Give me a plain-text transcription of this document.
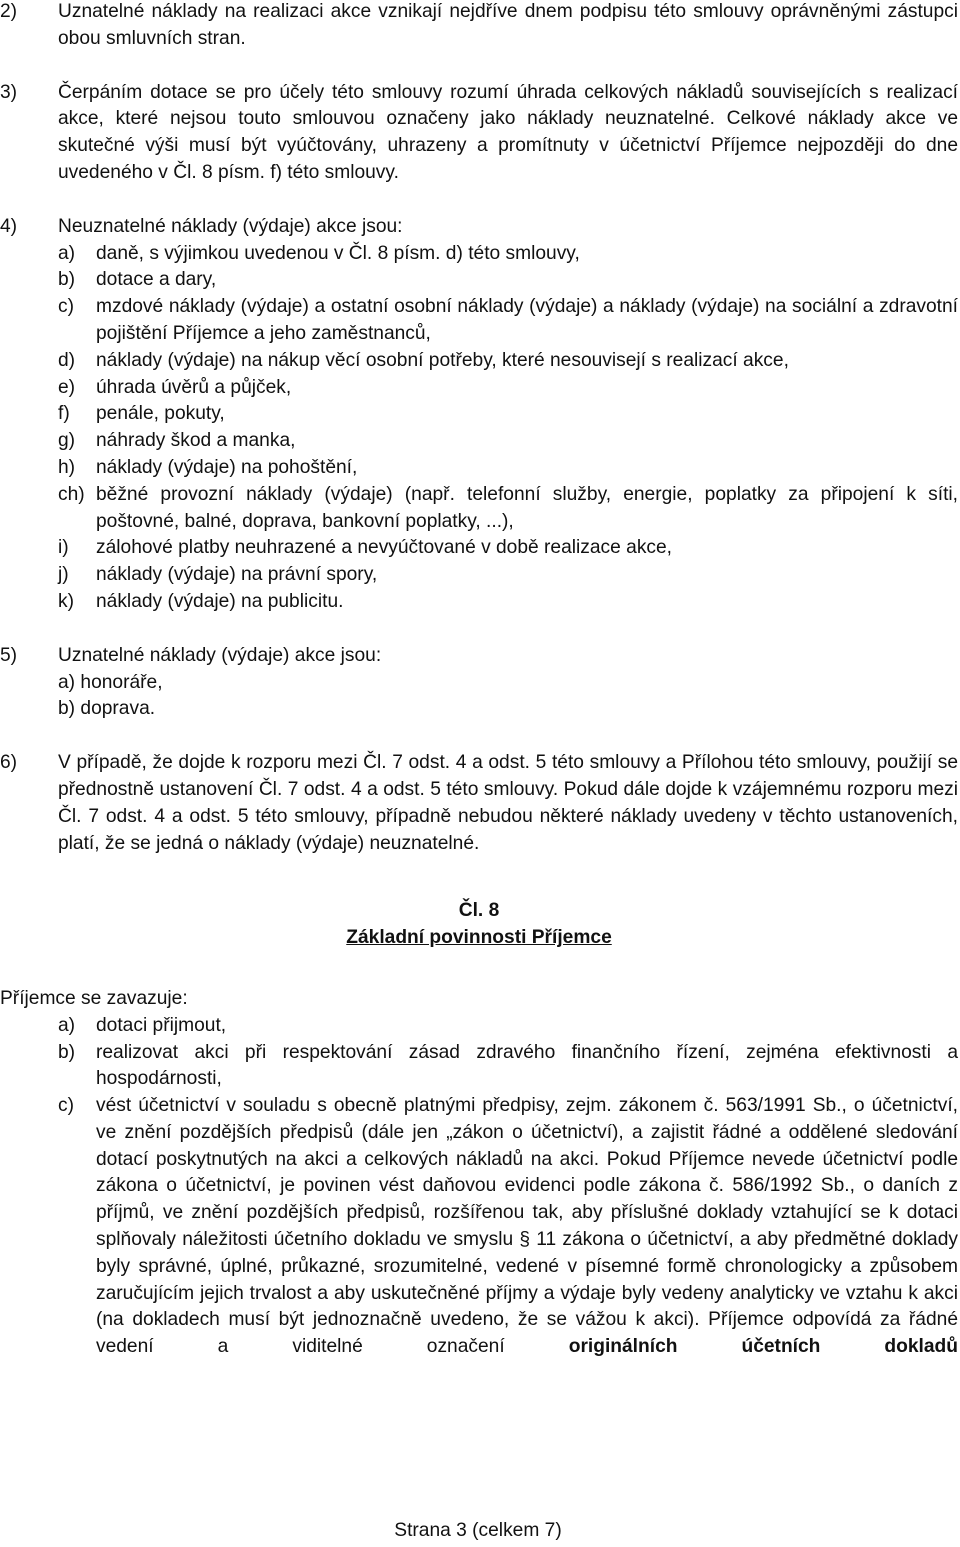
2)	Uznatelné náklady na realizaci akce vznikají nejdříve dnem podpisu této smlouvy oprávněnými zástupci obou smluvních stran.
3)	Čerpáním dotace se pro účely této smlouvy rozumí úhrada celkových nákladů souvisejících s realizací akce, které nejsou touto smlouvou označeny jako náklady neuznatelné. Celkové náklady akce ve skutečné výši musí být vyúčtovány, uhrazeny a promítnuty v účetnictví Příjemce nejpozději do dne uvedeného v Čl. 8 písm. f) této smlouvy.
4)	Neuznatelné náklady (výdaje) akce jsou:
a)	daně, s výjimkou uvedenou v Čl. 8 písm. d) této smlouvy,
b)	dotace a dary,
c)	mzdové náklady (výdaje) a ostatní osobní náklady (výdaje) a náklady (výdaje) na sociální a zdravotní pojištění Příjemce a jeho zaměstnanců,
d)	náklady (výdaje) na nákup věcí osobní potřeby, které nesouvisejí s realizací akce,
e)	úhrada úvěrů a půjček,
f)	penále, pokuty,
g)	náhrady škod a manka,
h)	náklady (výdaje) na pohoštění,
ch) běžné provozní náklady (výdaje) (např. telefonní služby, energie, poplatky za připojení k síti, poštovné, balné, doprava, bankovní poplatky, ...),
i)	zálohové platby neuhrazené a nevyúčtované v době realizace akce,
j)	náklady (výdaje) na právní spory,
k)	náklady (výdaje) na publicitu.
5)	Uznatelné náklady (výdaje) akce jsou:
a) honoráře,
b) doprava.
6)	V případě, že dojde k rozporu mezi Čl. 7 odst. 4 a odst. 5 této smlouvy a Přílohou této smlouvy, použijí se přednostně ustanovení Čl. 7 odst. 4 a odst. 5 této smlouvy. Pokud dále dojde k vzájemnému rozporu mezi Čl. 7 odst. 4 a odst. 5 této smlouvy, případně nebudou některé náklady uvedeny v těchto ustanoveních, platí, že se jedná o náklady (výdaje) neuznatelné.
Čl. 8
Základní povinnosti Příjemce
Příjemce se zavazuje:
a)	dotaci přijmout,
b)	realizovat akci při respektování zásad zdravého finančního řízení, zejména efektivnosti a hospodárnosti,
c)	vést účetnictví v souladu s obecně platnými předpisy, zejm. zákonem č. 563/1991 Sb., o účetnictví, ve znění pozdějších předpisů (dále jen „zákon o účetnictví), a zajistit řádné a oddělené sledování dotací poskytnutých na akci a celkových nákladů na akci. Pokud Příjemce nevede účetnictví podle zákona o účetnictví, je povinen vést daňovou evidenci podle zákona č. 586/1992 Sb., o daních z příjmů, ve znění pozdějších předpisů, rozšířenou tak, aby příslušné doklady vztahující se k dotaci splňovaly náležitosti účetního dokladu ve smyslu § 11 zákona o účetnictví, a aby předmětné doklady byly správné, úplné, průkazné, srozumitelné, vedené v písemné formě chronologicky a způsobem zaručujícím jejich trvalost a aby uskutečněné příjmy a výdaje byly vedeny analyticky ve vztahu k akci (na dokladech musí být jednoznačně uvedeno, že se vážou k akci). Příjemce odpovídá za řádné vedení a viditelné označení	originálních účetních dokladů
Strana 3 (celkem 7)
